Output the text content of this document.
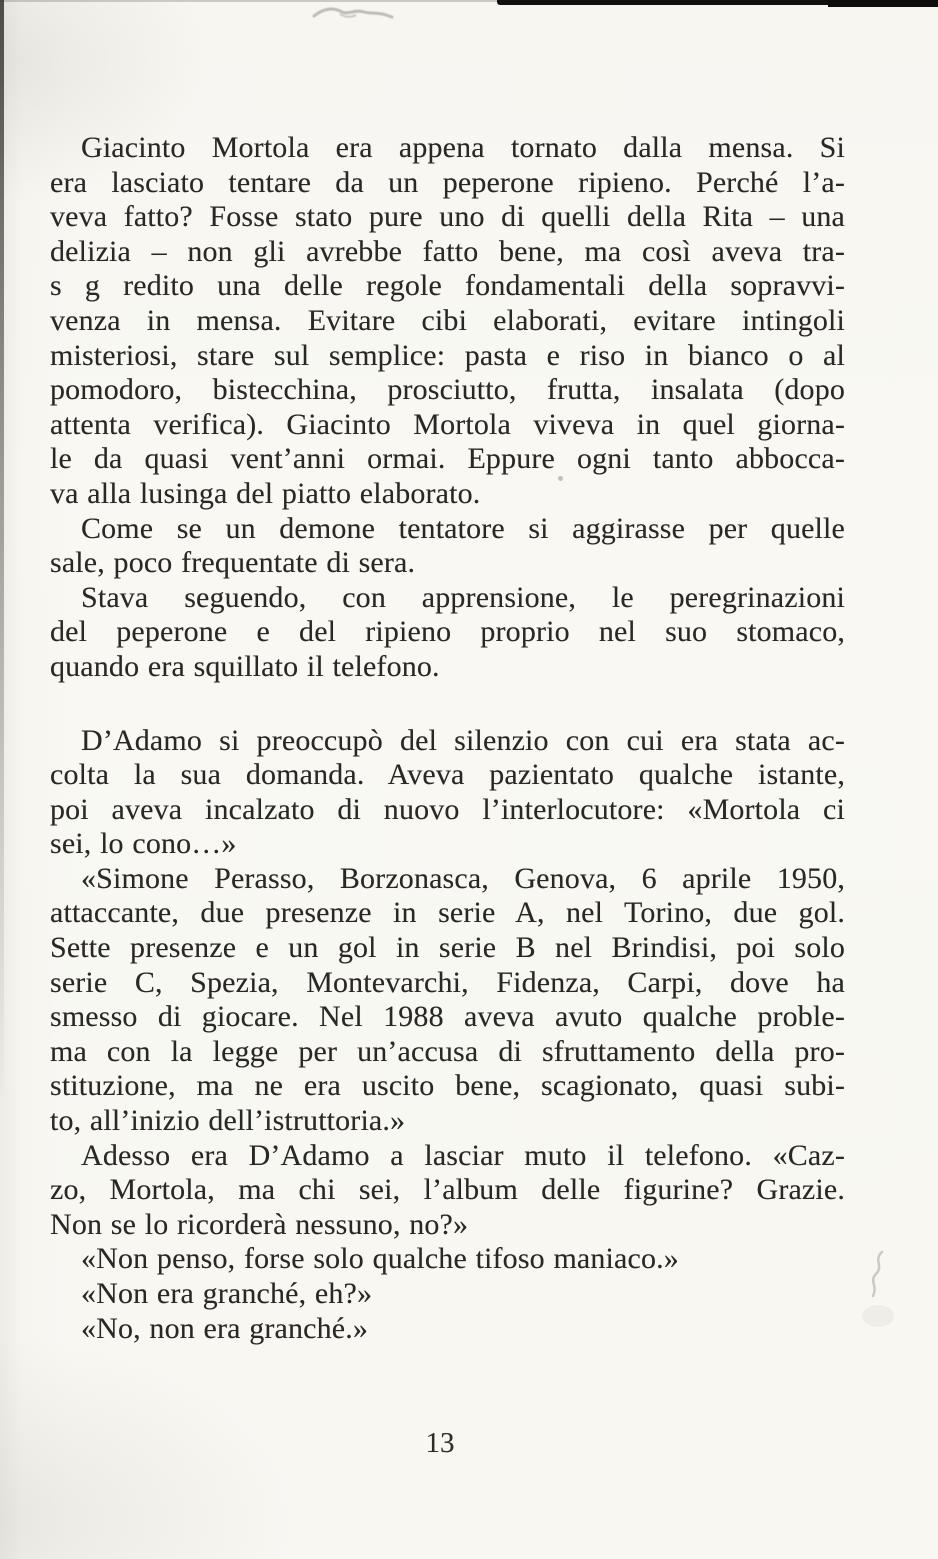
Giacinto Mortola era appena tornato dalla mensa. Si
era lasciato tentare da un peperone ripieno. Perché l’a-
veva fatto? Fosse stato pure uno di quelli della Rita – una
delizia – non gli avrebbe fatto bene, ma così aveva tra-
s g redito una delle regole fondamentali della sopravvi-
venza in mensa. Evitare cibi elaborati, evitare intingoli
misteriosi, stare sul semplice: pasta e riso in bianco o al
pomodoro, bistecchina, prosciutto, frutta, insalata (dopo
attenta verifica). Giacinto Mortola viveva in quel giorna-
le da quasi vent’anni ormai. Eppure ogni tanto abbocca-
va alla lusinga del piatto elaborato.
Come se un demone tentatore si aggirasse per quelle
sale, poco frequentate di sera.
Stava seguendo, con apprensione, le peregrinazioni
del peperone e del ripieno proprio nel suo stomaco,
quando era squillato il telefono.
D’Adamo si preoccupò del silenzio con cui era stata ac-
colta la sua domanda. Aveva pazientato qualche istante,
poi aveva incalzato di nuovo l’interlocutore: «Mortola ci
sei, lo cono…»
«Simone Perasso, Borzonasca, Genova, 6 aprile 1950,
attaccante, due presenze in serie A, nel Torino, due gol.
Sette presenze e un gol in serie B nel Brindisi, poi solo
serie C, Spezia, Montevarchi, Fidenza, Carpi, dove ha
smesso di giocare. Nel 1988 aveva avuto qualche proble-
ma con la legge per un’accusa di sfruttamento della pro-
stituzione, ma ne era uscito bene, scagionato, quasi subi-
to, all’inizio dell’istruttoria.»
Adesso era D’Adamo a lasciar muto il telefono. «Caz-
zo, Mortola, ma chi sei, l’album delle figurine? Grazie.
Non se lo ricorderà nessuno, no?»
«Non penso, forse solo qualche tifoso maniaco.»
«Non era granché, eh?»
«No, non era granché.»
13
